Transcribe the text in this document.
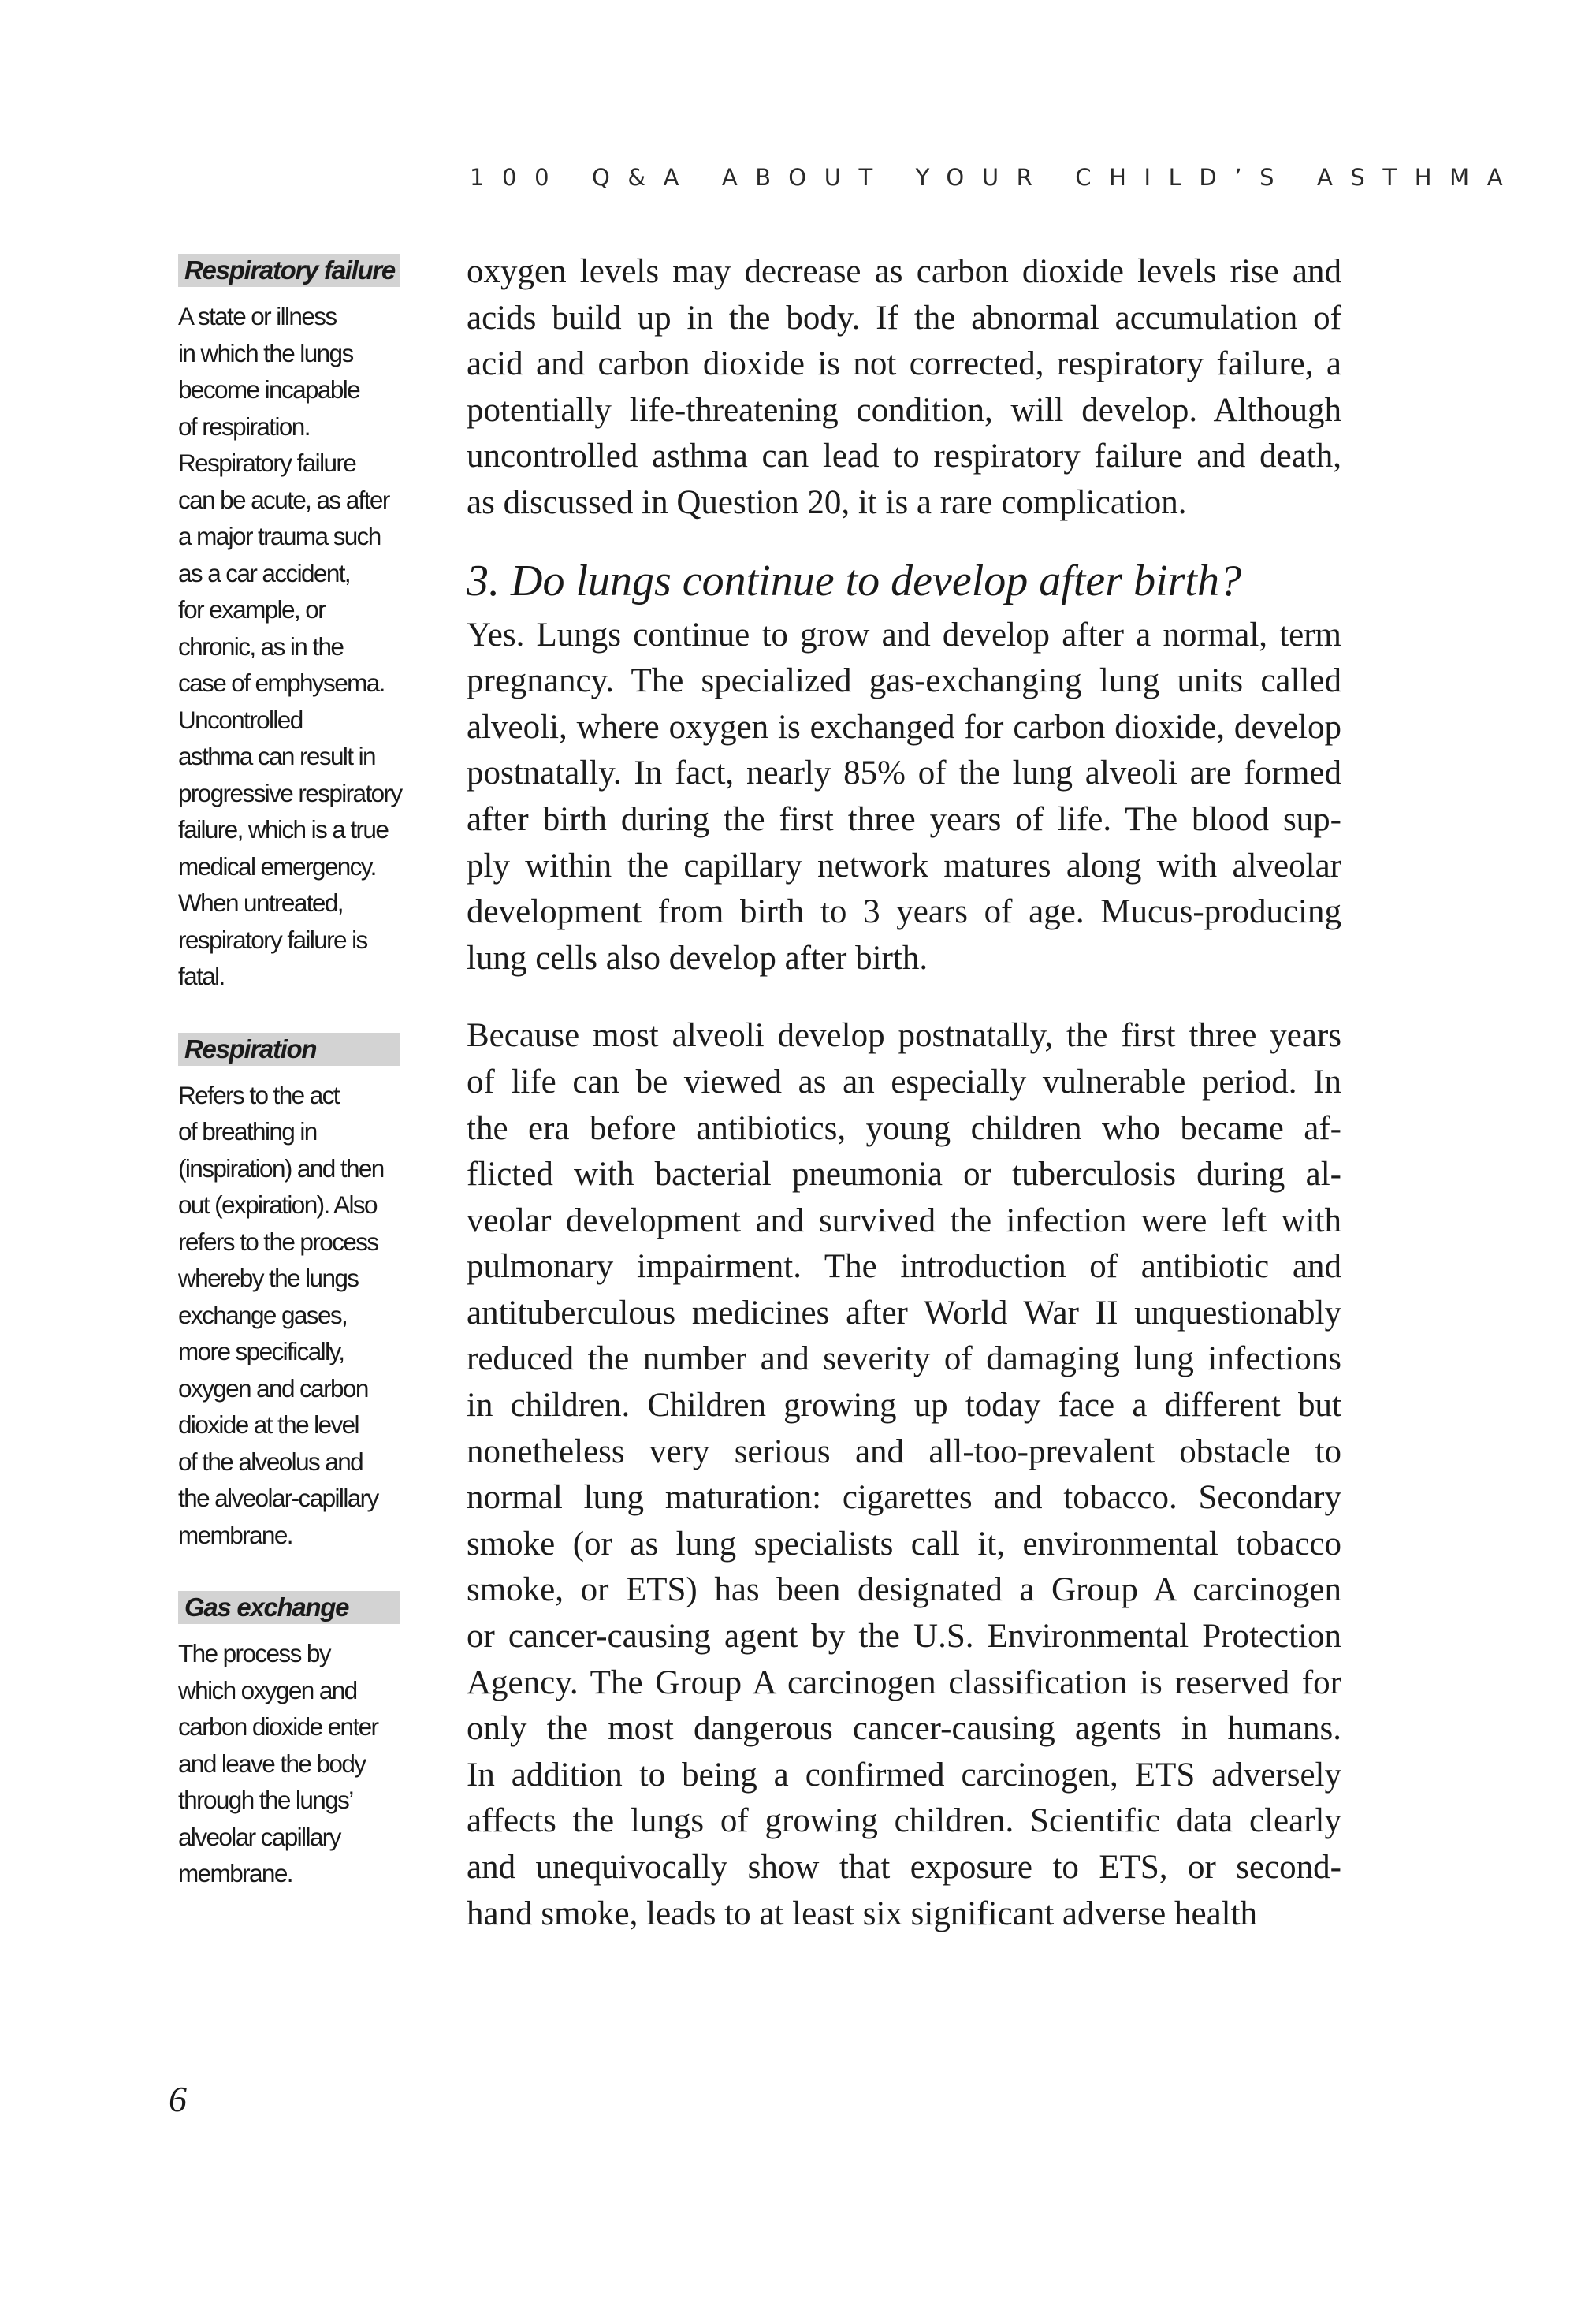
100 Q&A ABOUT YOUR CHILD’S ASTHMA
Respiratory failure
A state or illness
in which the lungs
become incapable
of respiration.
Respiratory failure
can be acute, as after
a major trauma such
as a car accident,
for example, or
chronic, as in the
case of emphysema.
Uncontrolled
asthma can result in
progressive respiratory
failure, which is a true
medical emergency.
When untreated,
respiratory failure is
fatal.
Respiration
Refers to the act
of breathing in
(inspiration) and then
out (expiration). Also
refers to the process
whereby the lungs
exchange gases,
more specifically,
oxygen and carbon
dioxide at the level
of the alveolus and
the alveolar-capillary
membrane.
Gas exchange
The process by
which oxygen and
carbon dioxide enter
and leave the body
through the lungs’
alveolar capillary
membrane.

oxygen levels may decrease as carbon dioxide levels rise and
acids build up in the body. If the abnormal accumulation of
acid and carbon dioxide is not corrected, respiratory failure, a
potentially life-threatening condition, will develop. Although
uncontrolled asthma can lead to respiratory failure and death,
as discussed in Question 20, it is a rare complication.

3. Do lungs continue to develop after birth?

Yes. Lungs continue to grow and develop after a normal, term
pregnancy. The specialized gas-exchanging lung units called
alveoli, where oxygen is exchanged for carbon dioxide, develop
postnatally. In fact, nearly 85% of the lung alveoli are formed
after birth during the first three years of life. The blood sup-
ply within the capillary network matures along with alveolar
development from birth to 3 years of age. Mucus-producing
lung cells also develop after birth.

Because most alveoli develop postnatally, the first three years
of life can be viewed as an especially vulnerable period. In
the era before antibiotics, young children who became af-
flicted with bacterial pneumonia or tuberculosis during al-
veolar development and survived the infection were left with
pulmonary impairment. The introduction of antibiotic and
antituberculous medicines after World War II unquestionably
reduced the number and severity of damaging lung infections
in children. Children growing up today face a different but
nonetheless very serious and all-too-prevalent obstacle to
normal lung maturation: cigarettes and tobacco. Secondary
smoke (or as lung specialists call it, environmental tobacco
smoke, or ETS) has been designated a Group A carcinogen
or cancer-causing agent by the U.S. Environmental Protection
Agency. The Group A carcinogen classification is reserved for
only the most dangerous cancer-causing agents in humans.
In addition to being a confirmed carcinogen, ETS adversely
affects the lungs of growing children. Scientific data clearly
and unequivocally show that exposure to ETS, or second-
hand smoke, leads to at least six significant adverse health

6
